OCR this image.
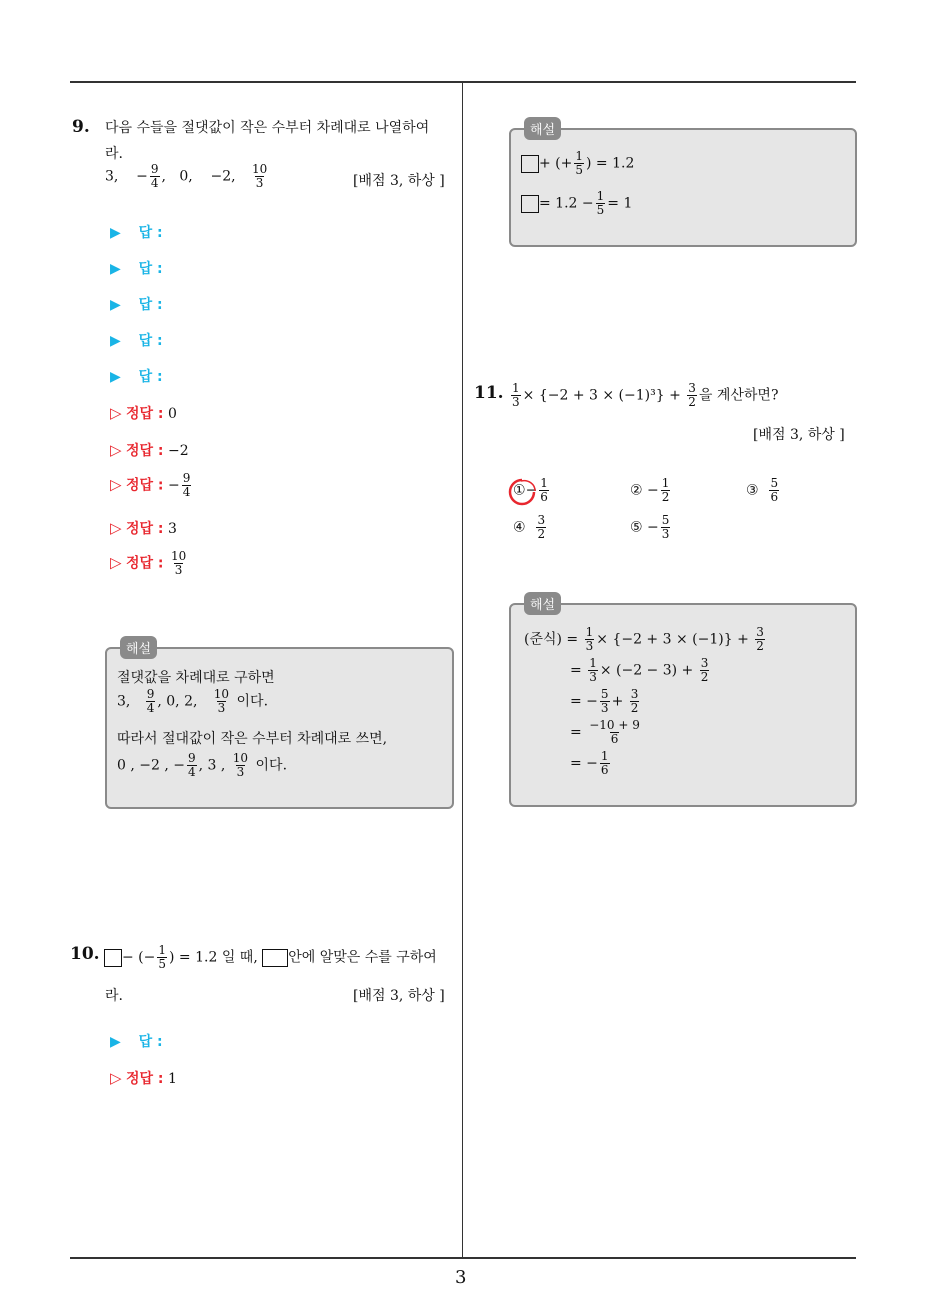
3
9. 다음 수들을 절댓값이 작은 수부터 차례대로 나열하여
라.
3, − $\frac{9}{4}$ , 0, −2, $\frac{10}{3}$	[배점 3, 하상 ]
▶ 답 :
▶ 답 :
▶ 답 :
▶ 답 :
▶ 답 :
▷ 정답 : 0
▷ 정답 : −2
▷ 정답 : − $\frac{9}{4}$
▷ 정답 : 3
▷ 정답 : $\frac{10}{3}$
해설
절댓값을 차례대로 구하면
3, $\frac{9}{4}$ , 0, 2, $\frac{10}{3}$ 이다.
따라서 절대값이 작은 수부터 차례대로 쓰면,
0 , −2 , − $\frac{9}{4}$ , 3 , $\frac{10}{3}$ 이다.
10.	− (− $\frac{1}{5}$ ) = 1.2 일 때, 안에 알맞은 수를 구하여
라.	[배점 3, 하상 ]
▶ 답 :
▷ 정답 : 1
해설
+ (+ $\frac{1}{5}$ ) = 1.2
= $1.2 - \frac{1}{5} = 1$
11. $\frac{1}{3} \times \{-2 + 3 \times (-1)^3\} + \frac{3}{2}$ 을 계산하면?
[배점 3, 하상 ]
①− $\frac{1}{6}$	② − $\frac{1}{2}$	③ $\frac{5}{6}$
④ $\frac{3}{2}$	⑤ − $\frac{5}{3}$
해설
(준식) = $\frac{1}{3} \times \{-2 + 3 \times (-1)\} + \frac{3}{2}$
= $\frac{1}{3} \times (-2 - 3) + \frac{3}{2}$
= − $\frac{5}{3} + \frac{3}{2}$
= $\frac{-10 + 9}{6}$
= − $\frac{1}{6}$
